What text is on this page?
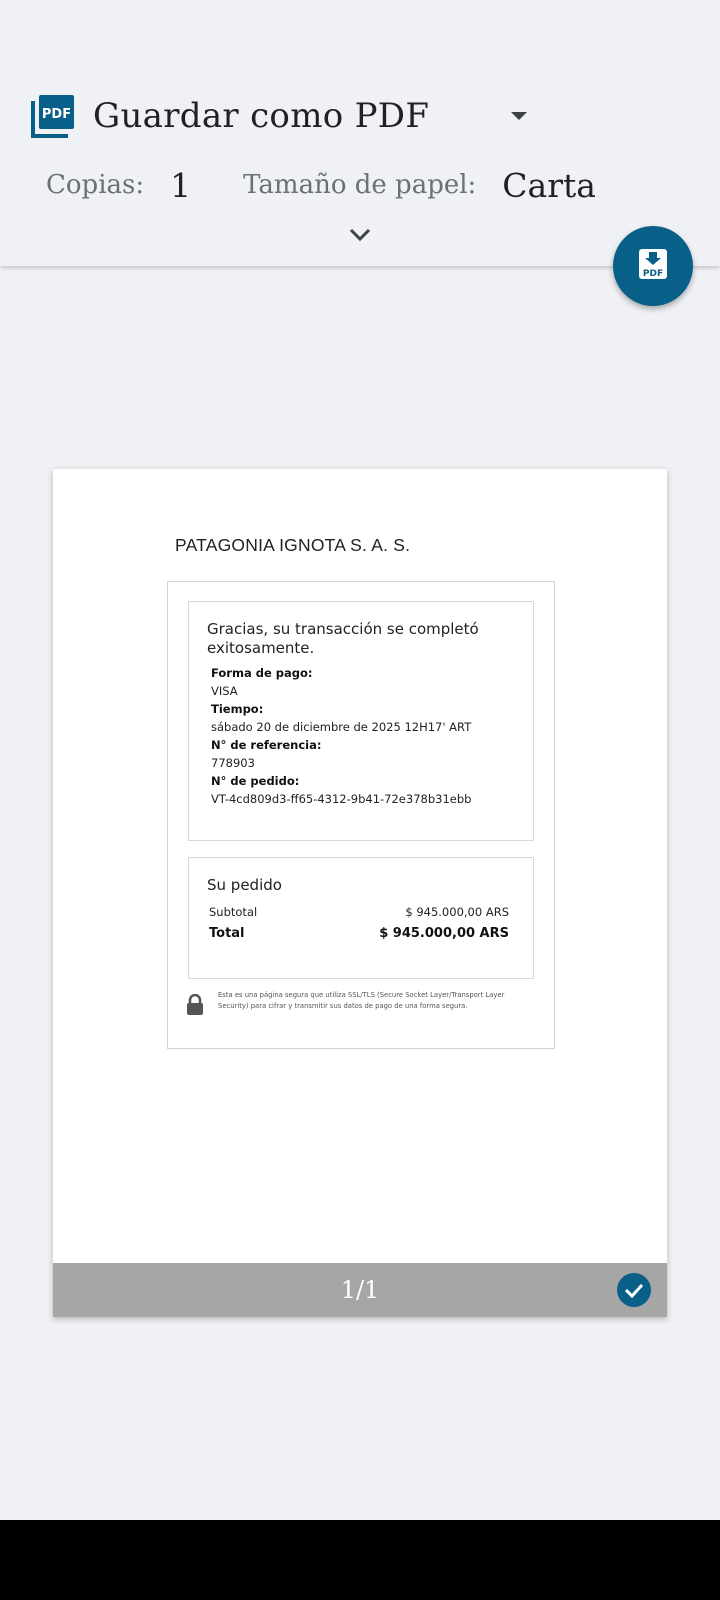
PDF Guardar como PDF
Copias: 1 Tamaño de papel: Carta
PDF
PATAGONIA IGNOTA S. A. S.
Gracias, su transacción se completó exitosamente.
Forma de pago:
VISA
Tiempo:
sábado 20 de diciembre de 2025 12H17' ART
N° de referencia:
778903
N° de pedido:
VT-4cd809d3-ff65-4312-9b41-72e378b31ebb
Su pedido
Subtotal	$ 945.000,00 ARS
Total	$ 945.000,00 ARS
Esta es una página segura que utiliza SSL/TLS (Secure Socket Layer/Transport Layer Security) para cifrar y transmitir sus datos de pago de una forma segura.
1/1
